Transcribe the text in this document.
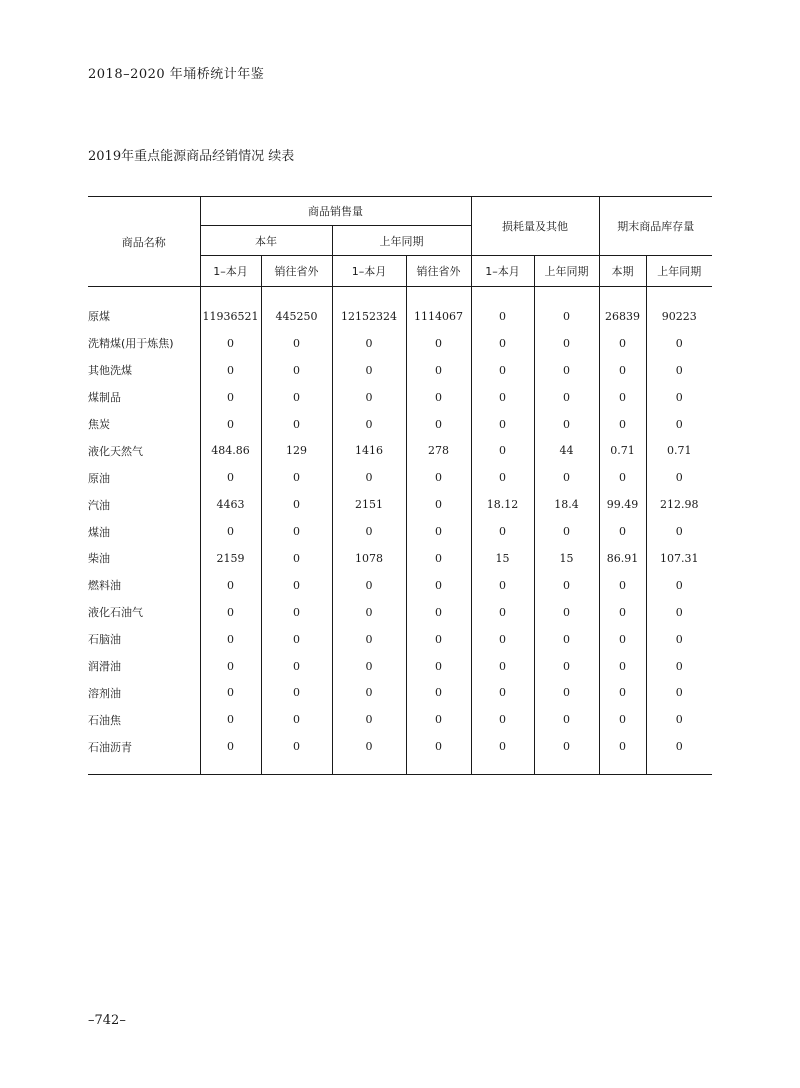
2018–2020 年埇桥统计年鉴
2019年重点能源商品经销情况 续表
商品名称	商品销售量				损耗量及其他		期末商品库存量	
	本年		上年同期					
	1–本月	销往省外	1–本月	销往省外	1–本月	上年同期	本期	上年同期

原煤	11936521	445250	12152324	1114067	0	0	26839	90223
洗精煤(用于炼焦)	0	0	0	0	0	0	0	0
其他洗煤	0	0	0	0	0	0	0	0
煤制品	0	0	0	0	0	0	0	0
焦炭	0	0	0	0	0	0	0	0
液化天然气	484.86	129	1416	278	0	44	0.71	0.71
原油	0	0	0	0	0	0	0	0
汽油	4463	0	2151	0	18.12	18.4	99.49	212.98
煤油	0	0	0	0	0	0	0	0
柴油	2159	0	1078	0	15	15	86.91	107.31
燃料油	0	0	0	0	0	0	0	0
液化石油气	0	0	0	0	0	0	0	0
石脑油	0	0	0	0	0	0	0	0
润滑油	0	0	0	0	0	0	0	0
溶剂油	0	0	0	0	0	0	0	0
石油焦	0	0	0	0	0	0	0	0
石油沥青	0	0	0	0	0	0	0	0

–742–
